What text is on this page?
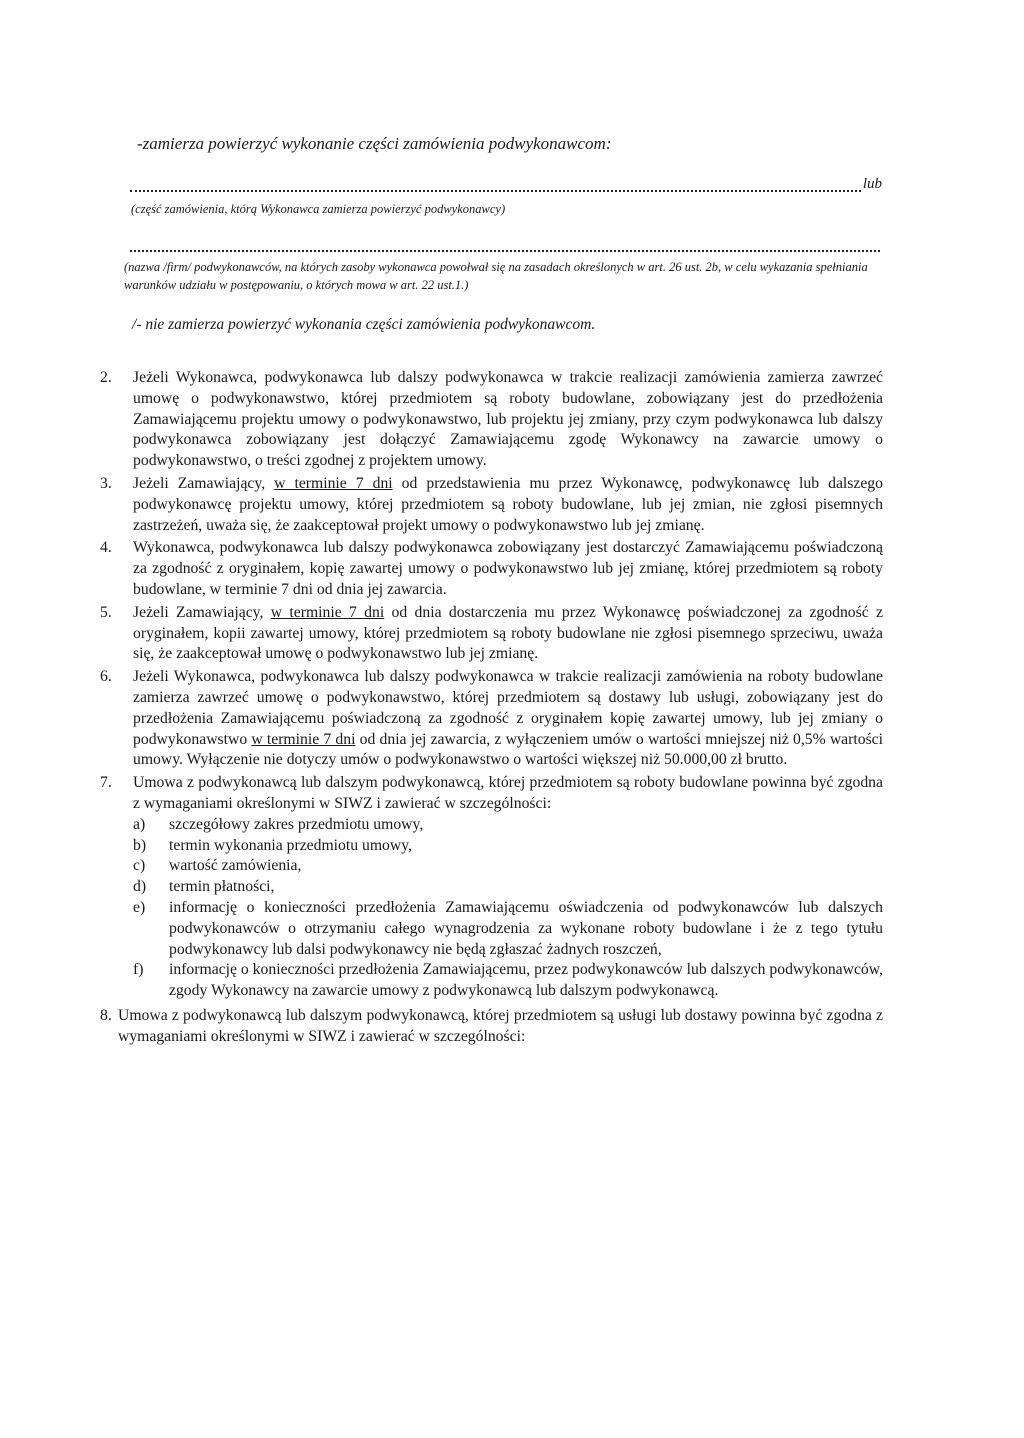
-zamierza powierzyć wykonanie części zamówienia podwykonawcom:
lub
(część zamówienia, którą Wykonawca zamierza powierzyć podwykonawcy)
(nazwa /firm/ podwykonawców, na których zasoby wykonawca powołwał się na zasadach określonych w art. 26 ust. 2b, w celu wykazania spełniania warunków udziału w postępowaniu, o których mowa w art. 22 ust.1.)
/- nie zamierza powierzyć wykonania części zamówienia podwykonawcom.
2.	Jeżeli Wykonawca, podwykonawca lub dalszy podwykonawca w trakcie realizacji zamówienia zamierza zawrzeć umowę o podwykonawstwo, której przedmiotem są roboty budowlane, zobowiązany jest do przedłożenia Zamawiającemu projektu umowy o podwykonawstwo, lub projektu jej zmiany, przy czym podwykonawca lub dalszy podwykonawca zobowiązany jest dołączyć Zamawiającemu zgodę Wykonawcy na zawarcie umowy o podwykonawstwo, o treści zgodnej z projektem umowy.
3.	Jeżeli Zamawiający, w terminie 7 dni od przedstawienia mu przez Wykonawcę, podwykonawcę lub dalszego podwykonawcę projektu umowy, której przedmiotem są roboty budowlane, lub jej zmian, nie zgłosi pisemnych zastrzeżeń, uważa się, że zaakceptował projekt umowy o podwykonawstwo lub jej zmianę.
4.	Wykonawca, podwykonawca lub dalszy podwykonawca zobowiązany jest dostarczyć Zamawiającemu poświadczoną za zgodność z oryginałem, kopię zawartej umowy o podwykonawstwo lub jej zmianę, której przedmiotem są roboty budowlane, w terminie 7 dni od dnia jej zawarcia.
5.	Jeżeli Zamawiający, w terminie 7 dni od dnia dostarczenia mu przez Wykonawcę poświadczonej za zgodność z oryginałem, kopii zawartej umowy, której przedmiotem są roboty budowlane nie zgłosi pisemnego sprzeciwu, uważa się, że zaakceptował umowę o podwykonawstwo lub jej zmianę.
6.	Jeżeli Wykonawca, podwykonawca lub dalszy podwykonawca w trakcie realizacji zamówienia na roboty budowlane zamierza zawrzeć umowę o podwykonawstwo, której przedmiotem są dostawy lub usługi, zobowiązany jest do przedłożenia Zamawiającemu poświadczoną za zgodność z oryginałem kopię zawartej umowy, lub jej zmiany o podwykonawstwo w terminie 7 dni od dnia jej zawarcia, z wyłączeniem umów o wartości mniejszej niż 0,5% wartości umowy. Wyłączenie nie dotyczy umów o podwykonawstwo o wartości większej niż 50.000,00 zł brutto.
7.	Umowa z podwykonawcą lub dalszym podwykonawcą, której przedmiotem są roboty budowlane powinna być zgodna z wymaganiami określonymi w SIWZ i zawierać w szczególności:
a)	szczegółowy zakres przedmiotu umowy,
b)	termin wykonania przedmiotu umowy,
c)	wartość zamówienia,
d)	termin płatności,
e)	informację o konieczności przedłożenia Zamawiającemu oświadczenia od podwykonawców lub dalszych podwykonawców o otrzymaniu całego wynagrodzenia za wykonane roboty budowlane i że z tego tytułu podwykonawcy lub dalsi podwykonawcy nie będą zgłaszać żadnych roszczeń,
f)	informację o konieczności przedłożenia Zamawiającemu, przez podwykonawców lub dalszych podwykonawców, zgody Wykonawcy na zawarcie umowy z podwykonawcą lub dalszym podwykonawcą.
8. Umowa z podwykonawcą lub dalszym podwykonawcą, której przedmiotem są usługi lub dostawy powinna być zgodna z wymaganiami określonymi w SIWZ i zawierać w szczególności:
